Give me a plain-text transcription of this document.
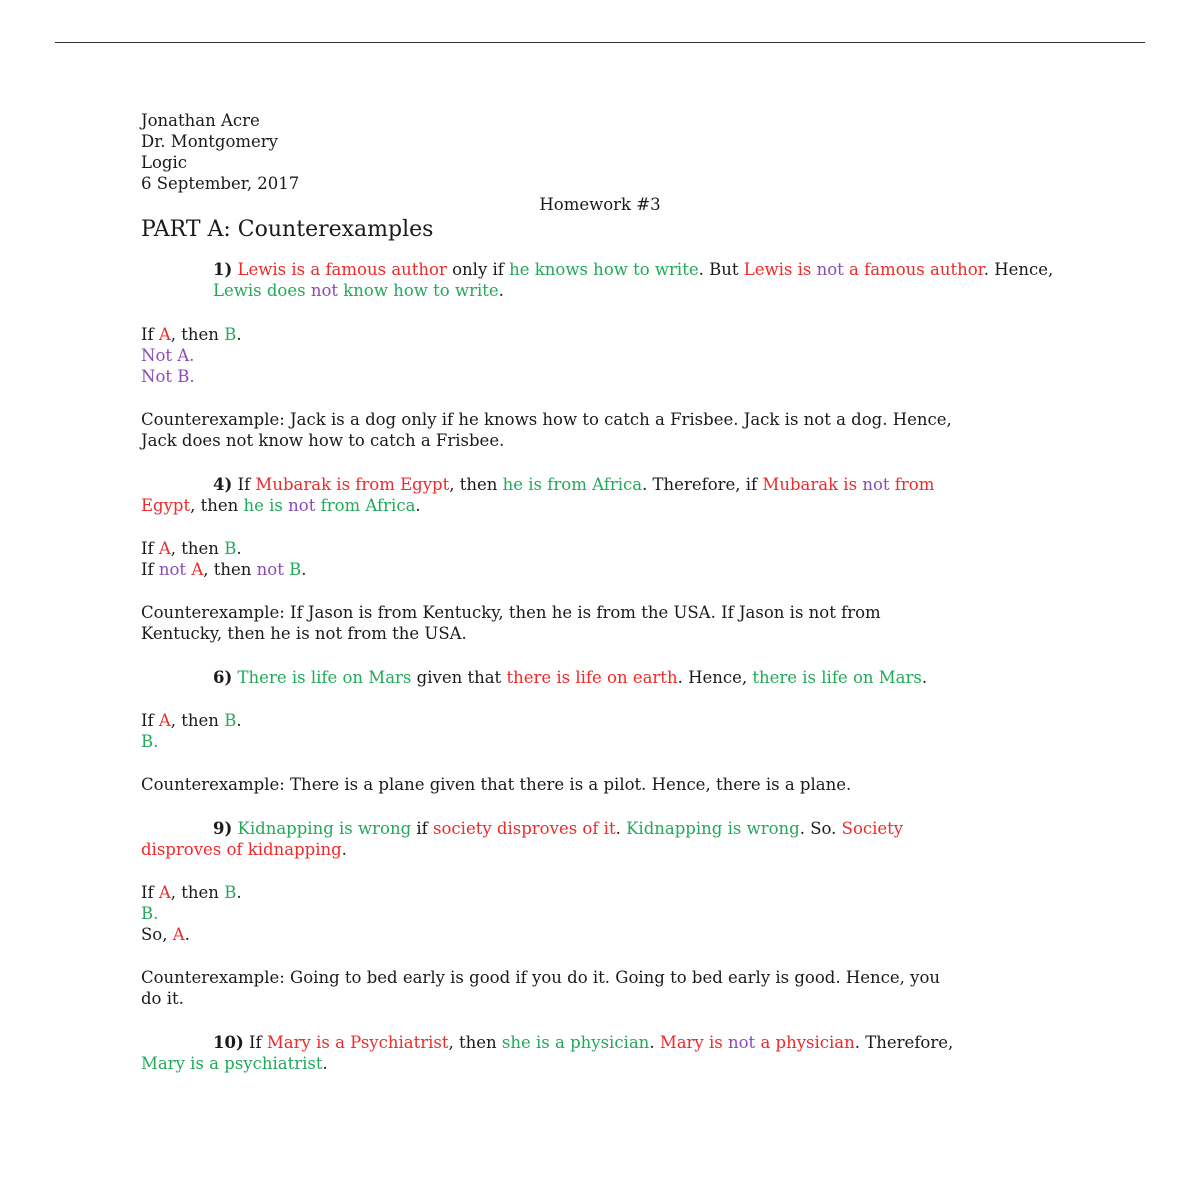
Jonathan Acre
Dr. Montgomery
Logic
6 September, 2017
Homework #3
PART A: Counterexamples
1) Lewis is a famous author only if he knows how to write. But Lewis is not a famous author. Hence, Lewis does not know how to write.
If A, then B.
Not A.
Not B.
Counterexample: Jack is a dog only if he knows how to catch a Frisbee. Jack is not a dog. Hence,
Jack does not know how to catch a Frisbee.
4) If Mubarak is from Egypt, then he is from Africa. Therefore, if Mubarak is not from
Egypt, then he is not from Africa.
If A, then B.
If not A, then not B.
Counterexample: If Jason is from Kentucky, then he is from the USA. If Jason is not from
Kentucky, then he is not from the USA.
6) There is life on Mars given that there is life on earth. Hence, there is life on Mars.
If A, then B.
B.
Counterexample: There is a plane given that there is a pilot. Hence, there is a plane.
9) Kidnapping is wrong if society disproves of it. Kidnapping is wrong. So. Society
disproves of kidnapping.
If A, then B.
B.
So, A.
Counterexample: Going to bed early is good if you do it. Going to bed early is good. Hence, you
do it.
10) If Mary is a Psychiatrist, then she is a physician. Mary is not a physician. Therefore,
Mary is a psychiatrist.
